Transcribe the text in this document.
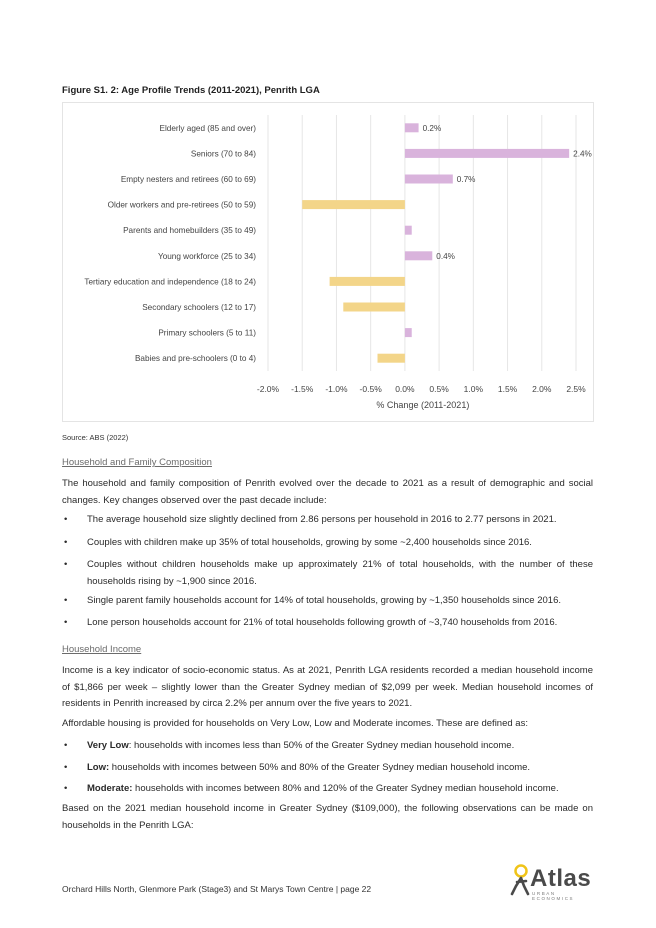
Figure S1. 2: Age Profile Trends (2011-2021), Penrith LGA
-2.0% -1.5% -1.0% -0.5% 0.0% 0.5% 1.0% 1.5% 2.0% 2.5%
Elderly aged (85 and over)	0.2%
Seniors (70 to 84)	2.4%
Empty nesters and retirees (60 to 69)	0.7%
Older workers and pre-retirees (50 to 59)
Parents and homebuilders (35 to 49)
Young workforce (25 to 34)	0.4%
Tertiary education and independence (18 to 24)
Secondary schoolers (12 to 17)
Primary schoolers (5 to 11)
Babies and pre-schoolers (0 to 4)
% Change (2011-2021)
Source: ABS (2022)
Household and Family Composition
The household and family composition of Penrith evolved over the decade to 2021 as a result of demographic and social changes. Key changes observed over the past decade include:
• The average household size slightly declined from 2.86 persons per household in 2016 to 2.77 persons in 2021.
• Couples with children make up 35% of total households, growing by some ~2,400 households since 2016.
• Couples without children households make up approximately 21% of total households, with the number of these households rising by ~1,900 since 2016.
• Single parent family households account for 14% of total households, growing by ~1,350 households since 2016.
• Lone person households account for 21% of total households following growth of ~3,740 households from 2016.
Household Income
Income is a key indicator of socio-economic status. As at 2021, Penrith LGA residents recorded a median household income of $1,866 per week – slightly lower than the Greater Sydney median of $2,099 per week. Median household incomes of residents in Penrith increased by circa 2.2% per annum over the five years to 2021.
Affordable housing is provided for households on Very Low, Low and Moderate incomes. These are defined as:
• Very Low: households with incomes less than 50% of the Greater Sydney median household income.
• Low: households with incomes between 50% and 80% of the Greater Sydney median household income.
• Moderate: households with incomes between 80% and 120% of the Greater Sydney median household income.
Based on the 2021 median household income in Greater Sydney ($109,000), the following observations can be made on households in the Penrith LGA:
Orchard Hills North, Glenmore Park (Stage3) and St Marys Town Centre | page 22	Atlas
URBAN ECONOMICS
